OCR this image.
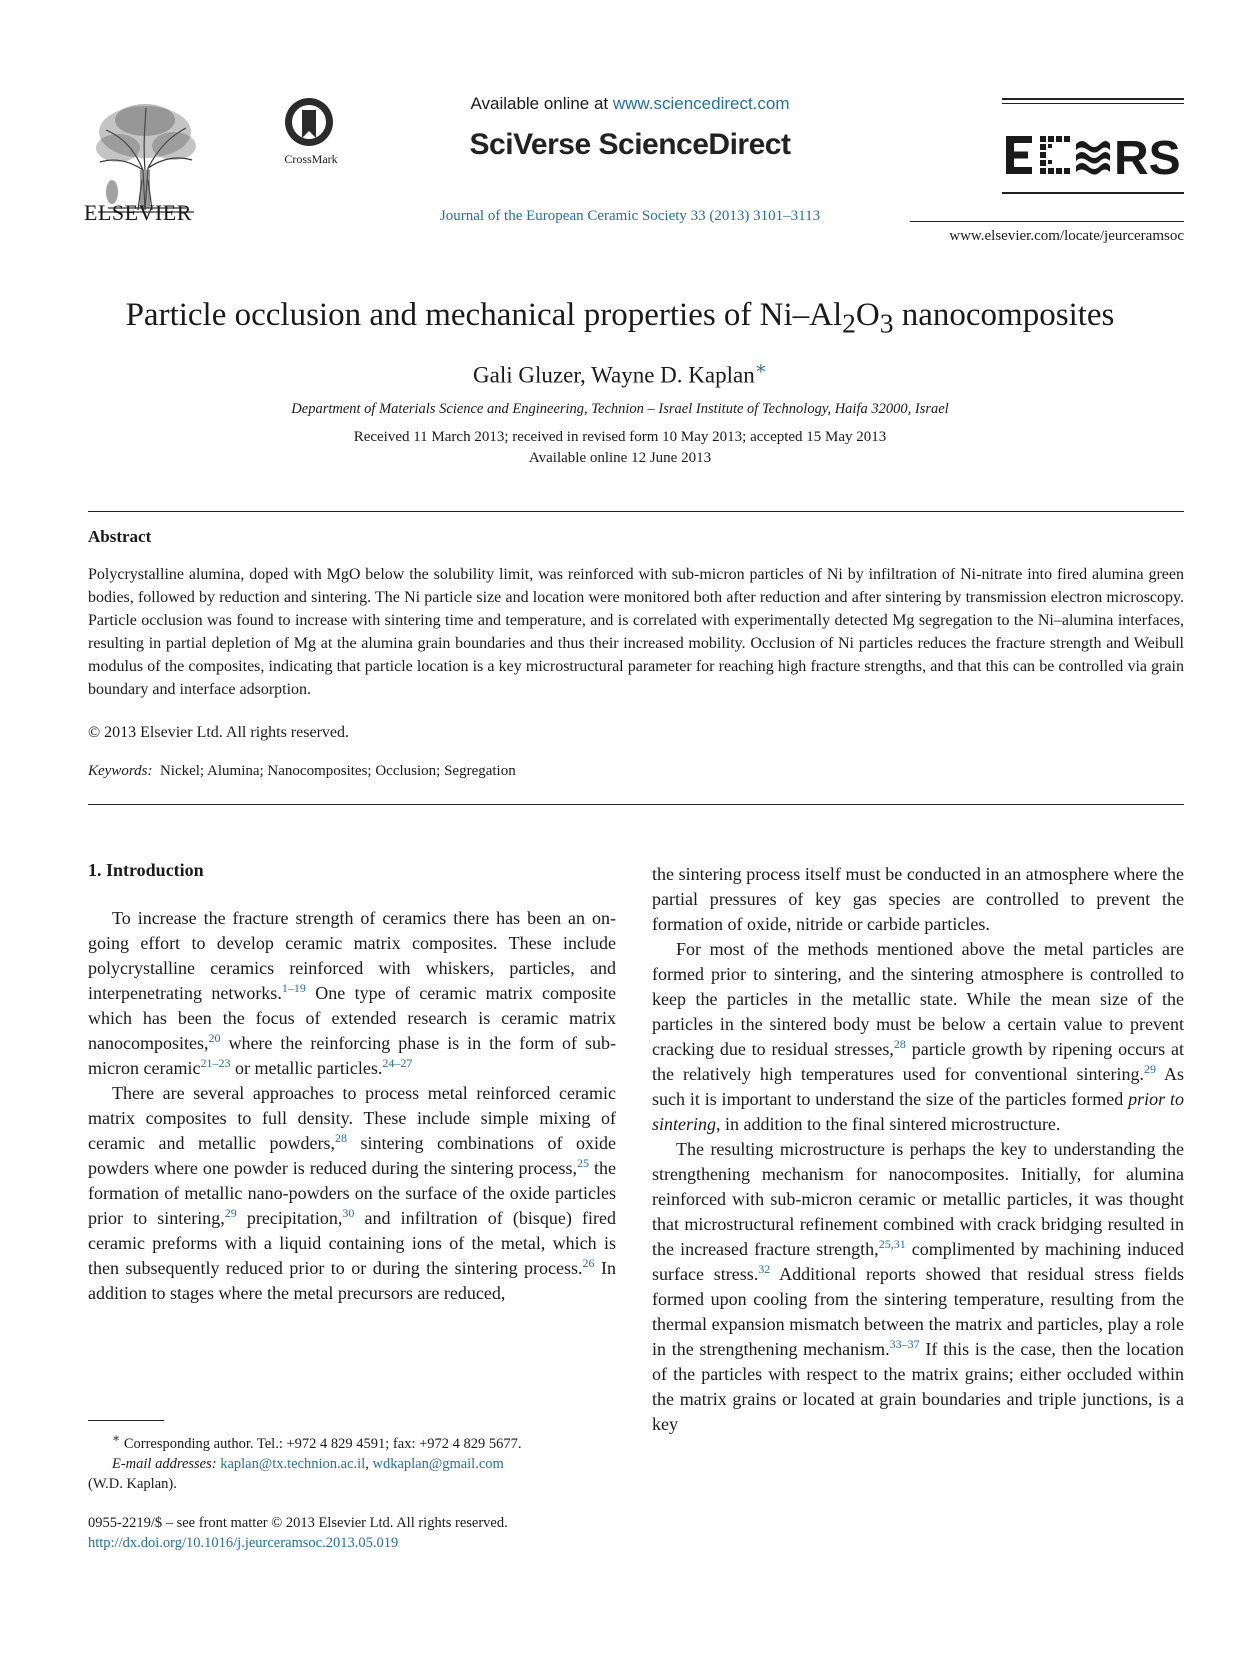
ELSEVIER
CrossMark
Available online at www.sciencedirect.com
SciVerse ScienceDirect
Journal of the European Ceramic Society 33 (2013) 3101–3113
RS
www.elsevier.com/locate/jeurceramsoc
Particle occlusion and mechanical properties of $Ni-Al_2O_3$ nanocomposites
Gali Gluzer, Wayne D. Kaplan∗
Department of Materials Science and Engineering, Technion – Israel Institute of Technology, Haifa 32000, Israel
Received 11 March 2013; received in revised form 10 May 2013; accepted 15 May 2013
Available online 12 June 2013
Abstract
Polycrystalline alumina, doped with MgO below the solubility limit, was reinforced with sub-micron particles of Ni by infiltration of Ni-nitrate into fired alumina green bodies, followed by reduction and sintering. The Ni particle size and location were monitored both after reduction and after sintering by transmission electron microscopy. Particle occlusion was found to increase with sintering time and temperature, and is correlated with experimentally detected Mg segregation to the Ni–alumina interfaces, resulting in partial depletion of Mg at the alumina grain boundaries and thus their increased mobility. Occlusion of Ni particles reduces the fracture strength and Weibull modulus of the composites, indicating that particle location is a key microstructural parameter for reaching high fracture strengths, and that this can be controlled via grain boundary and interface adsorption.
© 2013 Elsevier Ltd. All rights reserved.
Keywords: Nickel; Alumina; Nanocomposites; Occlusion; Segregation
1. Introduction

To increase the fracture strength of ceramics there has been an on-going effort to develop ceramic matrix composites. These include polycrystalline ceramics reinforced with whiskers, particles, and interpenetrating networks.$^{1-19}$ One type of ceramic matrix composite which has been the focus of extended research is ceramic matrix nanocomposites,$^{20}$ where the reinforcing phase is in the form of sub-micron ceramic$^{21-23}$ or metallic particles.$^{24-27}$

There are several approaches to process metal reinforced ceramic matrix composites to full density. These include simple mixing of ceramic and metallic powders,$^{28}$ sintering combinations of oxide powders where one powder is reduced during the sintering process,$^{25}$ the formation of metallic nano-powders on the surface of the oxide particles prior to sintering,$^{29}$ precipitation,$^{30}$ and infiltration of (bisque) fired ceramic preforms with a liquid containing ions of the metal, which is then subsequently reduced prior to or during the sintering process.$^{26}$ In addition to stages where the metal precursors are reduced,

the sintering process itself must be conducted in an atmosphere where the partial pressures of key gas species are controlled to prevent the formation of oxide, nitride or carbide particles.

For most of the methods mentioned above the metal particles are formed prior to sintering, and the sintering atmosphere is controlled to keep the particles in the metallic state. While the mean size of the particles in the sintered body must be below a certain value to prevent cracking due to residual stresses,$^{28}$ particle growth by ripening occurs at the relatively high temperatures used for conventional sintering.$^{29}$ As such it is important to understand the size of the particles formed prior to sintering, in addition to the final sintered microstructure.

The resulting microstructure is perhaps the key to understanding the strengthening mechanism for nanocomposites. Initially, for alumina reinforced with sub-micron ceramic or metallic particles, it was thought that microstructural refinement combined with crack bridging resulted in the increased fracture strength,$^{25,31}$ complimented by machining induced surface stress.$^{32}$ Additional reports showed that residual stress fields formed upon cooling from the sintering temperature, resulting from the thermal expansion mismatch between the matrix and particles, play a role in the strengthening mechanism.$^{33-37}$ If this is the case, then the location of the particles with respect to the matrix grains; either occluded within the matrix grains or located at grain boundaries and triple junctions, is a key

∗ Corresponding author. Tel.: +972 4 829 4591; fax: +972 4 829 5677.
E-mail addresses: kaplan@tx.technion.ac.il, wdkaplan@gmail.com
(W.D. Kaplan).
0955-2219/$ – see front matter © 2013 Elsevier Ltd. All rights reserved.
http://dx.doi.org/10.1016/j.jeurceramsoc.2013.05.019
